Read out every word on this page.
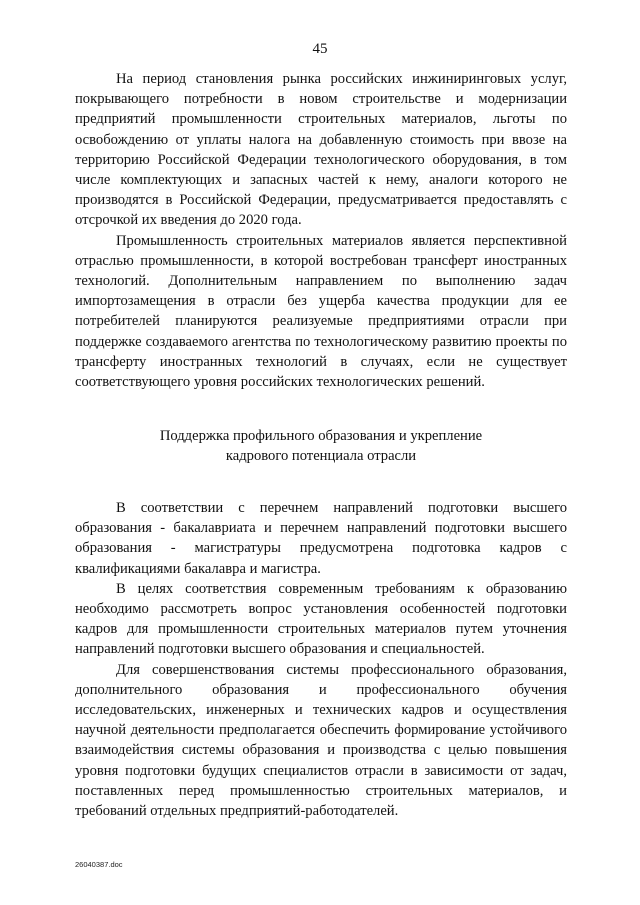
45

На период становления рынка российских инжиниринговых услуг, покрывающего потребности в новом строительстве и модернизации предприятий промышленности строительных материалов, льготы по освобождению от уплаты налога на добавленную стоимость при ввозе на территорию Российской Федерации технологического оборудования, в том числе комплектующих и запасных частей к нему, аналоги которого не производятся в Российской Федерации, предусматривается предоставлять с отсрочкой их введения до 2020 года.

Промышленность строительных материалов является перспективной отраслью промышленности, в которой востребован трансферт иностранных технологий. Дополнительным направлением по выполнению задач импортозамещения в отрасли без ущерба качества продукции для ее потребителей планируются реализуемые предприятиями отрасли при поддержке создаваемого агентства по технологическому развитию проекты по трансферту иностранных технологий в случаях, если не существует соответствующего уровня российских технологических решений.

Поддержка профильного образования и укрепление
кадрового потенциала отрасли

В соответствии с перечнем направлений подготовки высшего образования - бакалавриата и перечнем направлений подготовки высшего образования - магистратуры предусмотрена подготовка кадров с квалификациями бакалавра и магистра.

В целях соответствия современным требованиям к образованию необходимо рассмотреть вопрос установления особенностей подготовки кадров для промышленности строительных материалов путем уточнения направлений подготовки высшего образования и специальностей.

Для совершенствования системы профессионального образования, дополнительного образования и профессионального обучения исследовательских, инженерных и технических кадров и осуществления научной деятельности предполагается обеспечить формирование устойчивого взаимодействия системы образования и производства с целью повышения уровня подготовки будущих специалистов отрасли в зависимости от задач, поставленных перед промышленностью строительных материалов, и требований отдельных предприятий-работодателей.

26040387.doc
